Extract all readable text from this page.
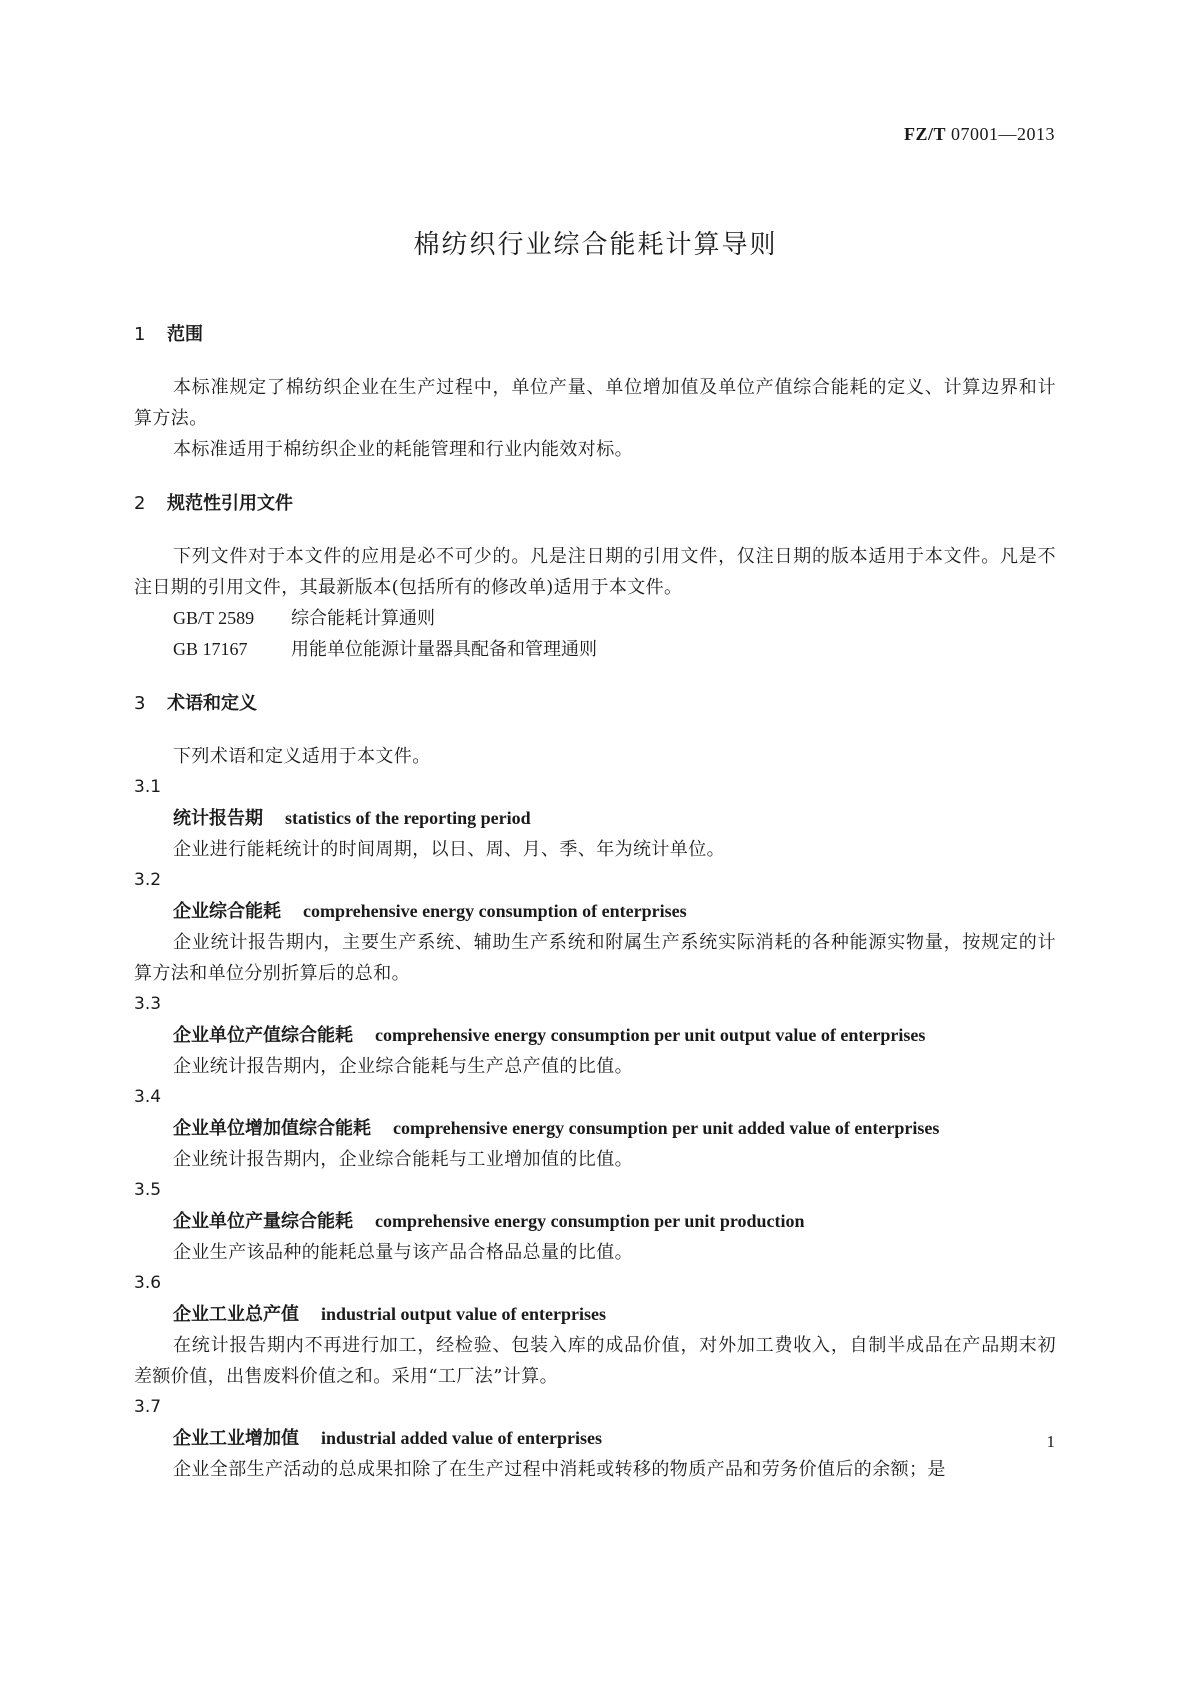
FZ/T 07001—2013
棉纺织行业综合能耗计算导则
1 范围
本标准规定了棉纺织企业在生产过程中，单位产量、单位增加值及单位产值综合能耗的定义、计算边界和计算方法。
本标准适用于棉纺织企业的耗能管理和行业内能效对标。
2 规范性引用文件
下列文件对于本文件的应用是必不可少的。凡是注日期的引用文件，仅注日期的版本适用于本文件。凡是不注日期的引用文件，其最新版本(包括所有的修改单)适用于本文件。
GB/T 2589 综合能耗计算通则
GB 17167 用能单位能源计量器具配备和管理通则
3 术语和定义
下列术语和定义适用于本文件。
3.1
统计报告期 statistics of the reporting period
企业进行能耗统计的时间周期，以日、周、月、季、年为统计单位。
3.2
企业综合能耗 comprehensive energy consumption of enterprises
企业统计报告期内，主要生产系统、辅助生产系统和附属生产系统实际消耗的各种能源实物量，按规定的计算方法和单位分别折算后的总和。
3.3
企业单位产值综合能耗 comprehensive energy consumption per unit output value of enterprises
企业统计报告期内，企业综合能耗与生产总产值的比值。
3.4
企业单位增加值综合能耗 comprehensive energy consumption per unit added value of enterprises
企业统计报告期内，企业综合能耗与工业增加值的比值。
3.5
企业单位产量综合能耗 comprehensive energy consumption per unit production
企业生产该品种的能耗总量与该产品合格品总量的比值。
3.6
企业工业总产值 industrial output value of enterprises
在统计报告期内不再进行加工，经检验、包装入库的成品价值，对外加工费收入，自制半成品在产品期末初差额价值，出售废料价值之和。采用“工厂法”计算。
3.7
企业工业增加值 industrial added value of enterprises
企业全部生产活动的总成果扣除了在生产过程中消耗或转移的物质产品和劳务价值后的余额；是
1
